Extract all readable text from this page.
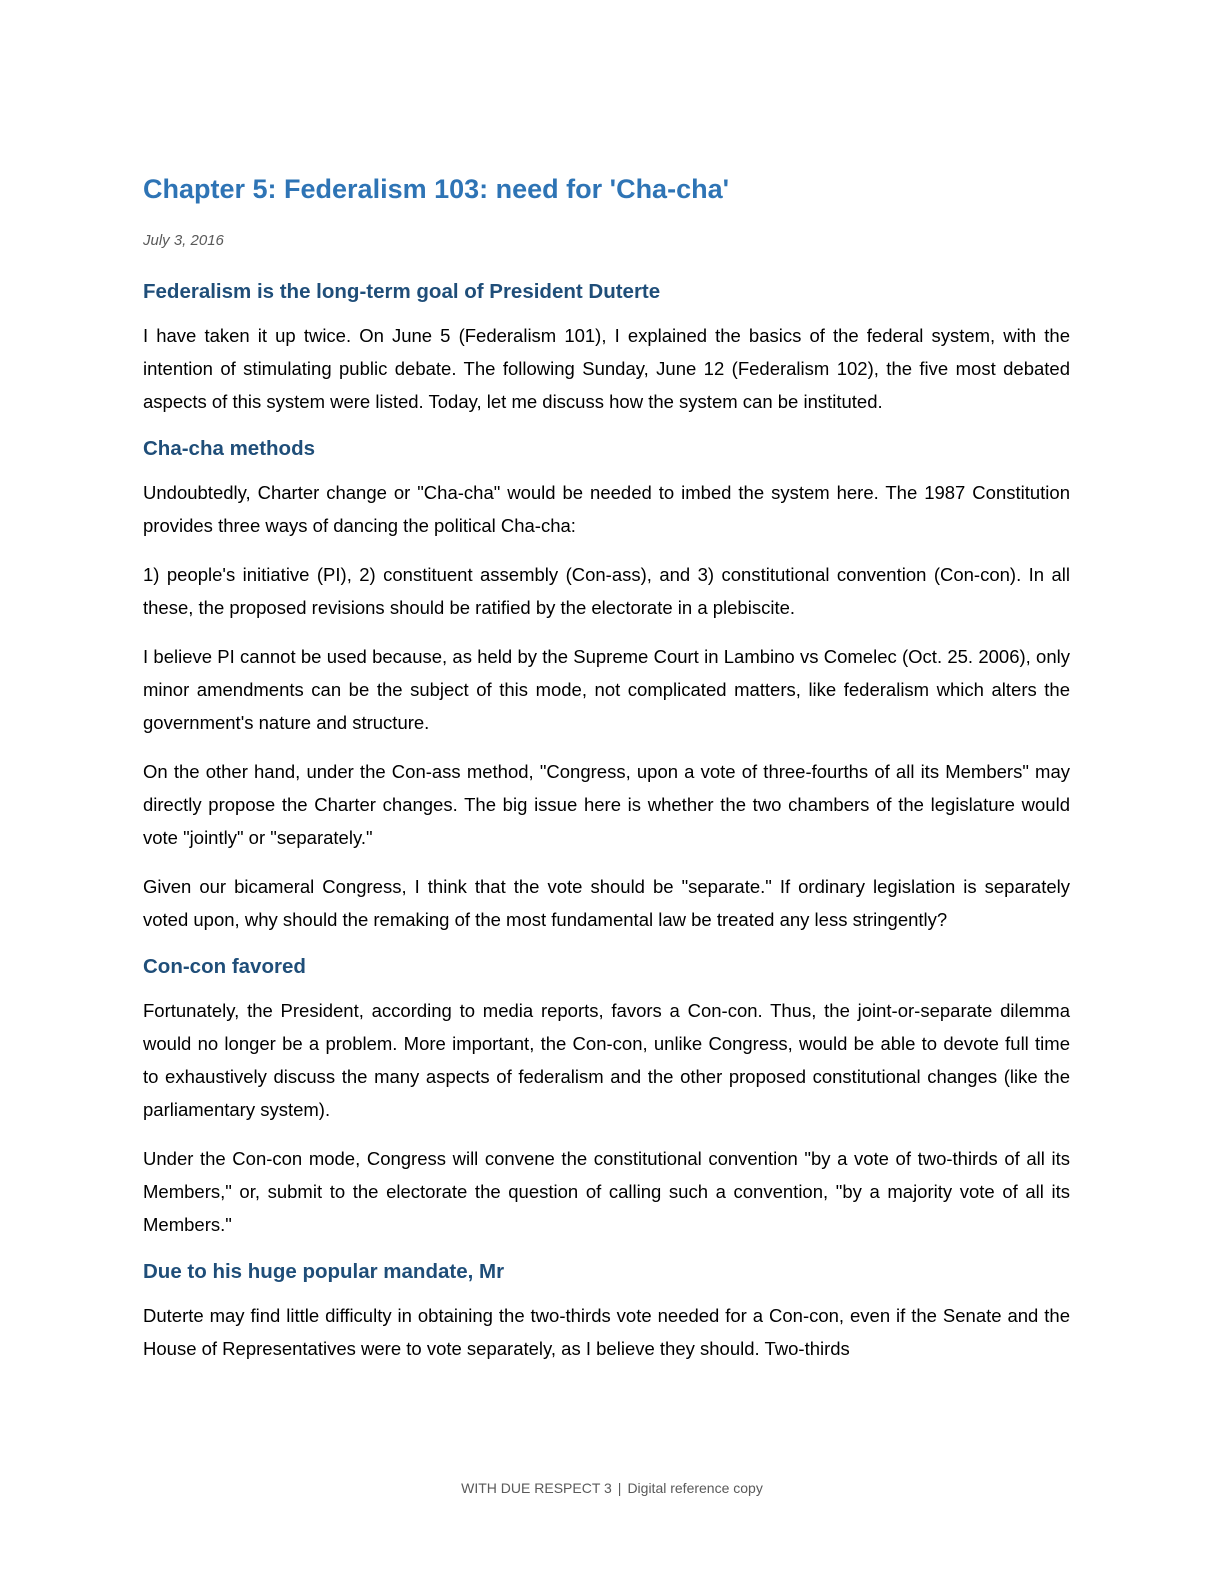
Chapter 5: Federalism 103: need for 'Cha-cha'
July 3, 2016
Federalism is the long-term goal of President Duterte

I have taken it up twice. On June 5 (Federalism 101), I explained the basics of the federal system, with the intention of stimulating public debate. The following Sunday, June 12 (Federalism 102), the five most debated aspects of this system were listed. Today, let me discuss how the system can be instituted.

Cha-cha methods

Undoubtedly, Charter change or "Cha-cha" would be needed to imbed the system here. The 1987 Constitution provides three ways of dancing the political Cha-cha:

1) people's initiative (PI), 2) constituent assembly (Con-ass), and 3) constitutional convention (Con-con). In all these, the proposed revisions should be ratified by the electorate in a plebiscite.

I believe PI cannot be used because, as held by the Supreme Court in Lambino vs Comelec (Oct. 25. 2006), only minor amendments can be the subject of this mode, not complicated matters, like federalism which alters the government's nature and structure.

On the other hand, under the Con-ass method, "Congress, upon a vote of three-fourths of all its Members" may directly propose the Charter changes. The big issue here is whether the two chambers of the legislature would vote "jointly" or "separately."

Given our bicameral Congress, I think that the vote should be "separate." If ordinary legislation is separately voted upon, why should the remaking of the most fundamental law be treated any less stringently?

Con-con favored

Fortunately, the President, according to media reports, favors a Con-con. Thus, the joint-or-separate dilemma would no longer be a problem. More important, the Con-con, unlike Congress, would be able to devote full time to exhaustively discuss the many aspects of federalism and the other proposed constitutional changes (like the parliamentary system).

Under the Con-con mode, Congress will convene the constitutional convention "by a vote of two-thirds of all its Members," or, submit to the electorate the question of calling such a convention, "by a majority vote of all its Members."

Due to his huge popular mandate, Mr

Duterte may find little difficulty in obtaining the two-thirds vote needed for a Con-con, even if the Senate and the House of Representatives were to vote separately, as I believe they should. Two-thirds

WITH DUE RESPECT 3 | Digital reference copy
